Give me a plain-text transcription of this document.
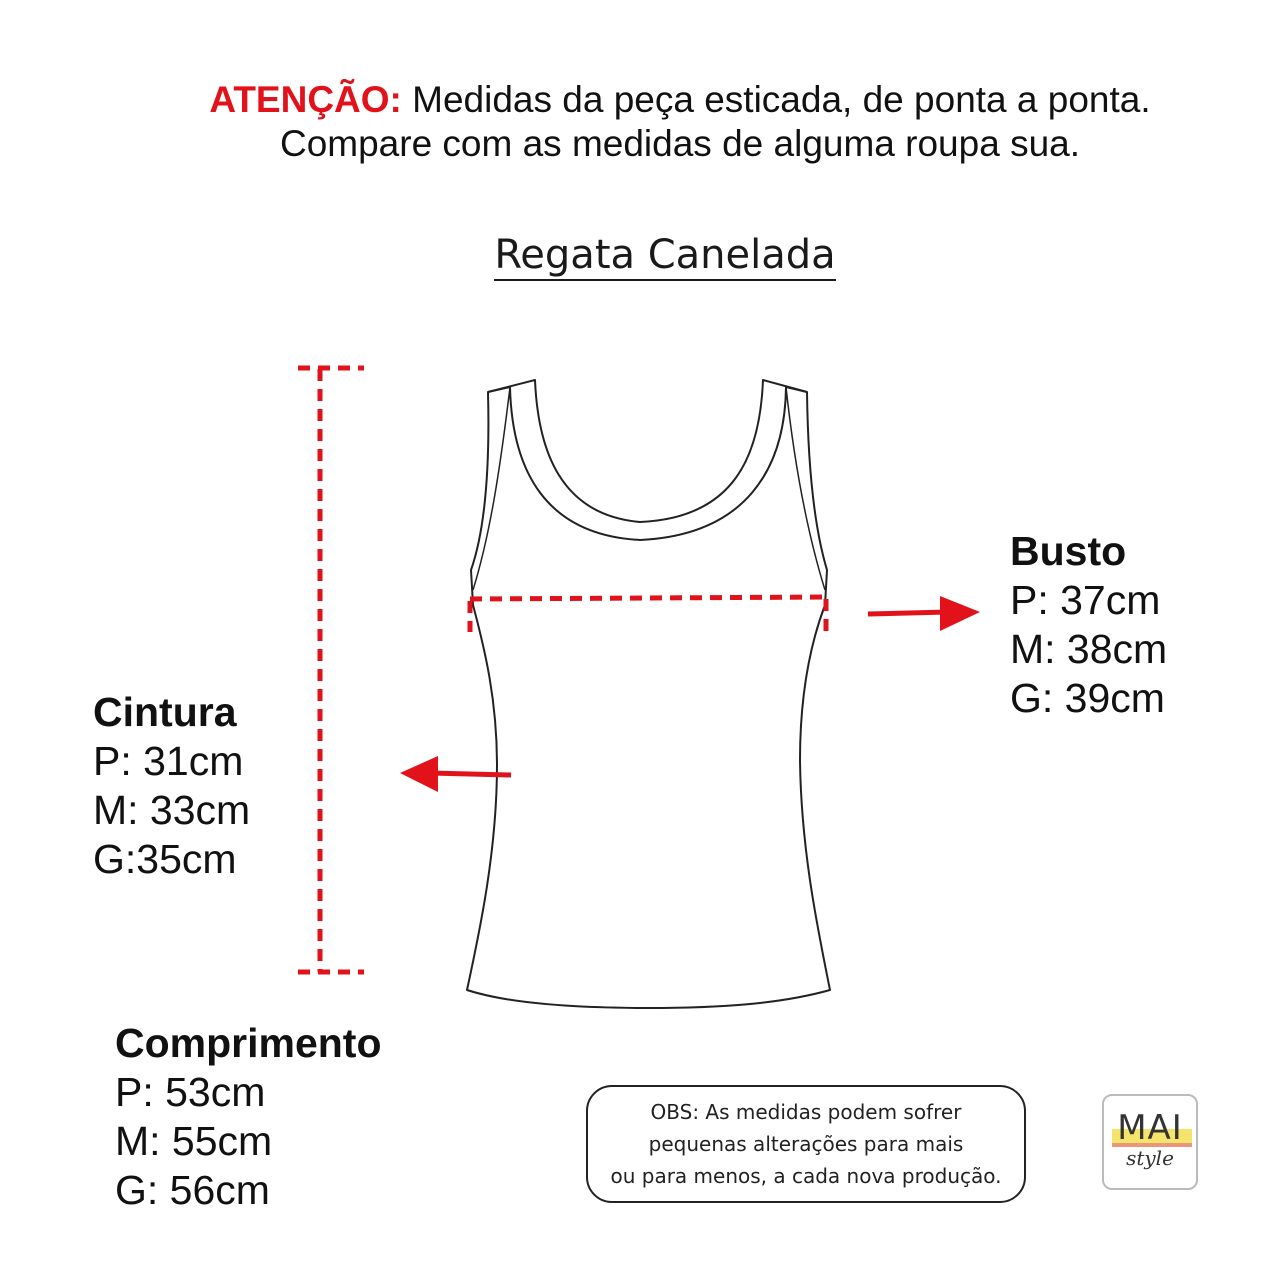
ATENÇÃO: Medidas da peça esticada, de ponta a ponta.
Compare com as medidas de alguma roupa sua.
Regata Canelada
Busto
P: 37cm
M: 38cm
G: 39cm
Cintura
P: 31cm
M: 33cm
G:35cm
Comprimento
P: 53cm
M: 55cm
G: 56cm
OBS: As medidas podem sofrer
pequenas alterações para mais
ou para menos, a cada nova produção.
MAI
style
